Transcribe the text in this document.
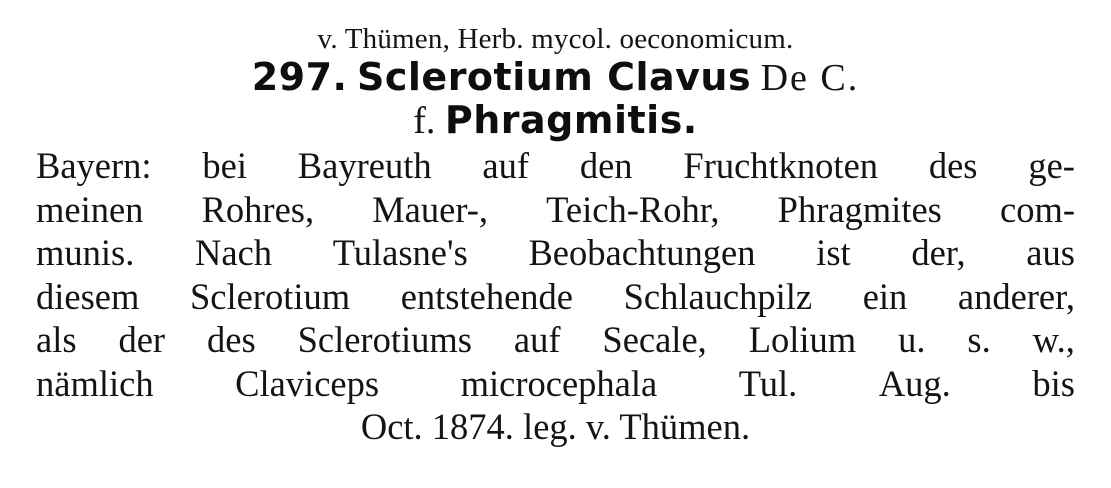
v. Thümen, Herb. mycol. oeconomicum.

297. Sclerotium Clavus De C.

f. Phragmitis.

Bayern: bei Bayreuth auf den Fruchtknoten des ge-
meinen Rohres, Mauer-, Teich-Rohr, Phragmites com-
munis. Nach Tulasne's Beobachtungen ist der, aus
diesem Sclerotium entstehende Schlauchpilz ein anderer,
als der des Sclerotiums auf Secale, Lolium u. s. w.,
nämlich Claviceps microcephala Tul. Aug. bis
Oct. 1874. leg. v. Thümen.
